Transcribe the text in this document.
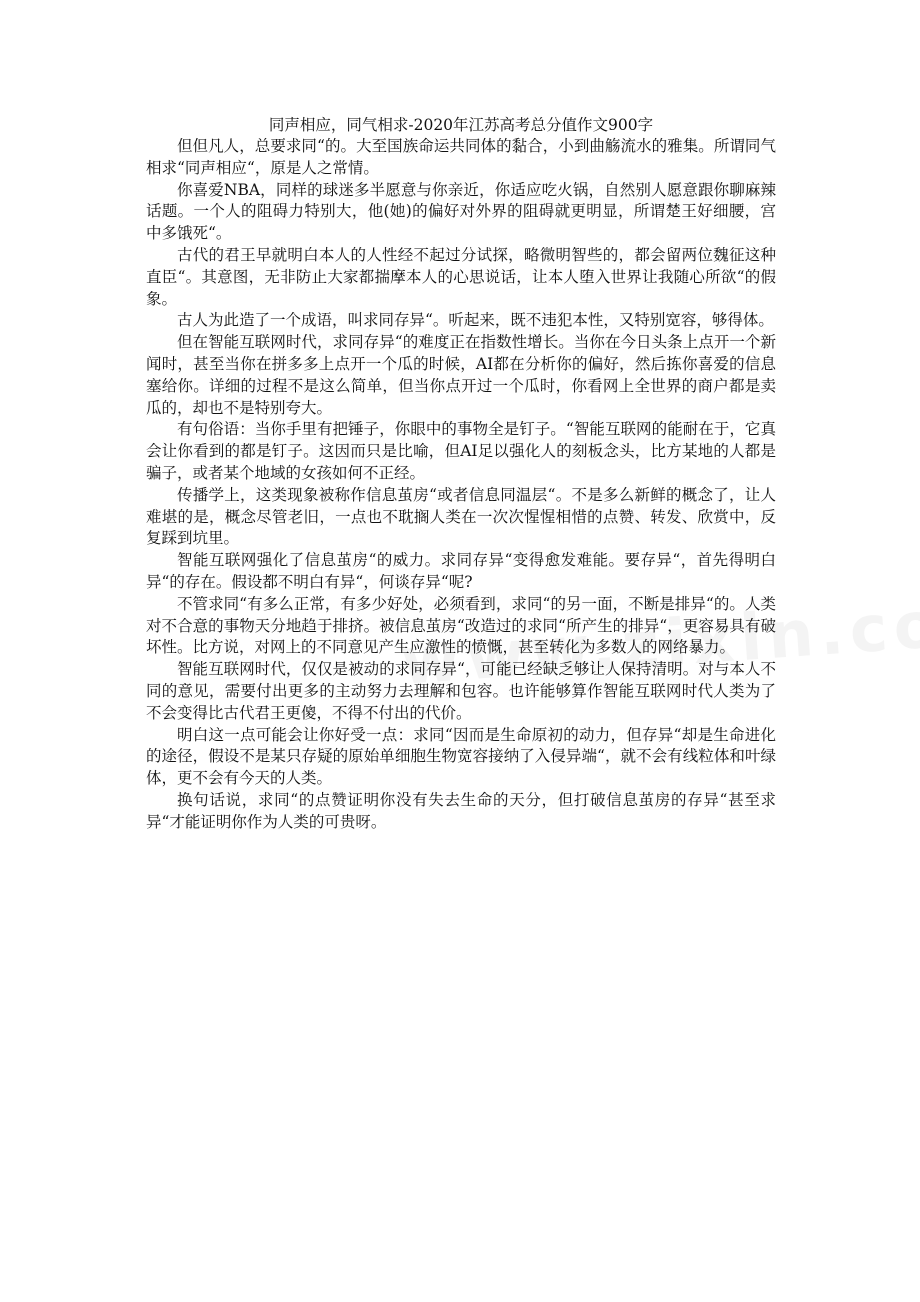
同声相应，同气相求-2020年江苏高考总分值作文900字

但但凡人，总要求同“的。大至国族命运共同体的黏合，小到曲觞流水的雅集。所谓同气相求“同声相应“，原是人之常情。

你喜爱NBA，同样的球迷多半愿意与你亲近，你适应吃火锅，自然别人愿意跟你聊麻辣话题。一个人的阻碍力特别大，他(她)的偏好对外界的阻碍就更明显，所谓楚王好细腰，宫中多饿死“。

古代的君王早就明白本人的人性经不起过分试探，略微明智些的，都会留两位魏征这种直臣“。其意图，无非防止大家都揣摩本人的心思说话，让本人堕入世界让我随心所欲“的假象。

古人为此造了一个成语，叫求同存异“。听起来，既不违犯本性，又特别宽容，够得体。

但在智能互联网时代，求同存异“的难度正在指数性增长。当你在今日头条上点开一个新闻时，甚至当你在拼多多上点开一个瓜的时候，AI都在分析你的偏好，然后拣你喜爱的信息塞给你。详细的过程不是这么简单，但当你点开过一个瓜时，你看网上全世界的商户都是卖瓜的，却也不是特别夸大。

有句俗语：当你手里有把锤子，你眼中的事物全是钉子。“智能互联网的能耐在于，它真会让你看到的都是钉子。这因而只是比喻，但AI足以强化人的刻板念头，比方某地的人都是骗子，或者某个地域的女孩如何不正经。

传播学上，这类现象被称作信息茧房“或者信息同温层“。不是多么新鲜的概念了，让人难堪的是，概念尽管老旧，一点也不耽搁人类在一次次惺惺相惜的点赞、转发、欣赏中，反复踩到坑里。

智能互联网强化了信息茧房“的威力。求同存异“变得愈发难能。要存异“，首先得明白异“的存在。假设都不明白有异“，何谈存异“呢?

不管求同“有多么正常，有多少好处，必须看到，求同“的另一面，不断是排异“的。人类对不合意的事物天分地趋于排挤。被信息茧房“改造过的求同“所产生的排异“，更容易具有破坏性。比方说，对网上的不同意见产生应激性的愤慨，甚至转化为多数人的网络暴力。

智能互联网时代，仅仅是被动的求同存异“，可能已经缺乏够让人保持清明。对与本人不同的意见，需要付出更多的主动努力去理解和包容。也许能够算作智能互联网时代人类为了不会变得比古代君王更傻，不得不付出的代价。

明白这一点可能会让你好受一点：求同“因而是生命原初的动力，但存异“却是生命进化的途径，假设不是某只存疑的原始单细胞生物宽容接纳了入侵异端“，就不会有线粒体和叶绿体，更不会有今天的人类。

换句话说，求同“的点赞证明你没有失去生命的天分，但打破信息茧房的存异“甚至求异“才能证明你作为人类的可贵呀。
